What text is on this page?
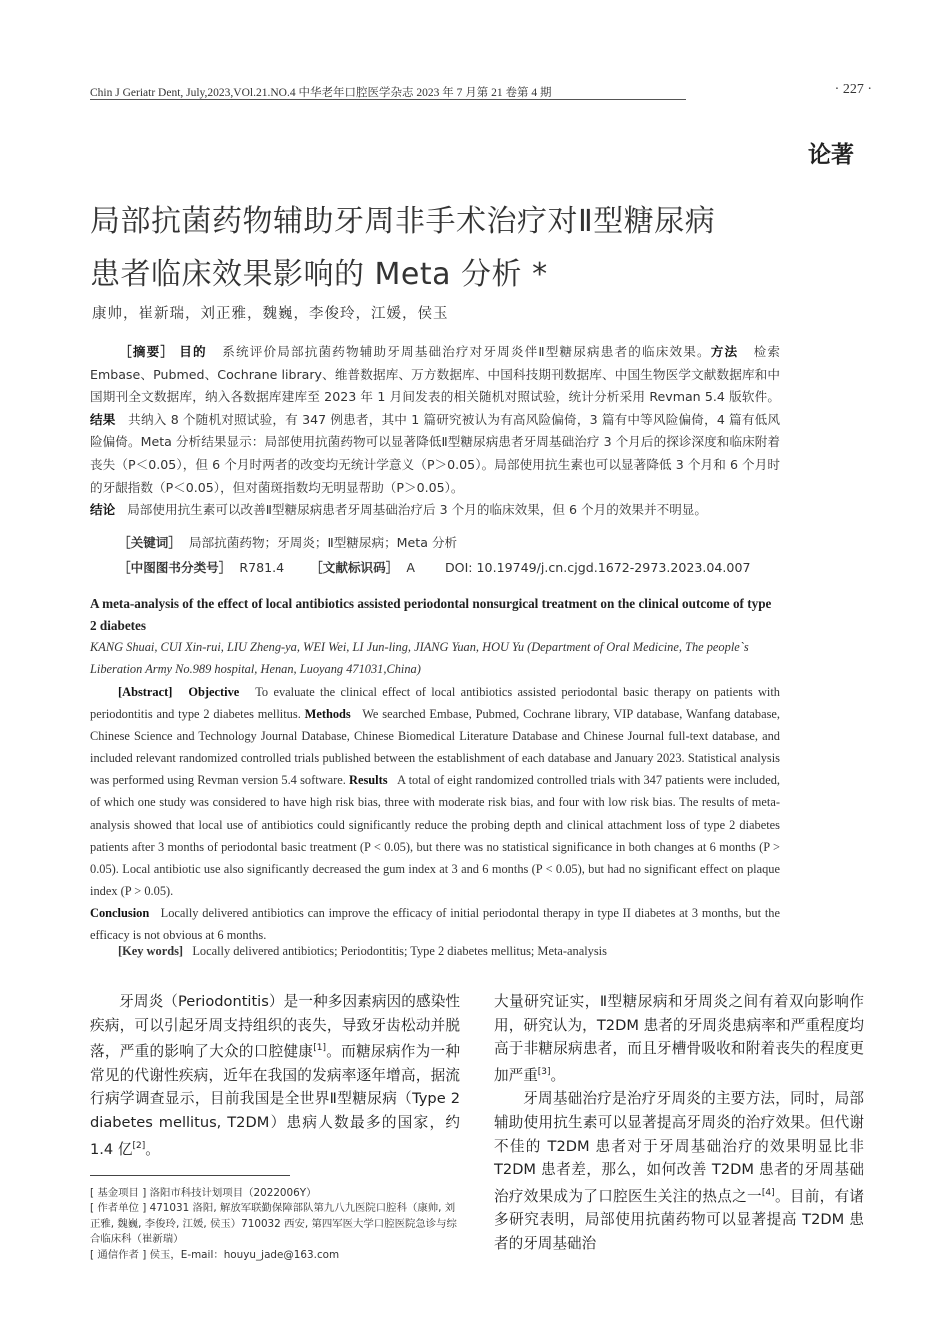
Chin J Geriatr Dent, July,2023,VOl.21.NO.4 中华老年口腔医学杂志 2023 年 7 月第 21 卷第 4 期	· 227 ·
论著
局部抗菌药物辅助牙周非手术治疗对Ⅱ型糖尿病
患者临床效果影响的 Meta 分析 *
康帅，崔新瑞，刘正雅，魏巍，李俊玲，江媛，侯玉
［摘要］ 目的 系统评价局部抗菌药物辅助牙周基础治疗对牙周炎伴Ⅱ型糖尿病患者的临床效果。方法 检索 Embase、Pubmed、Cochrane library、维普数据库、万方数据库、中国科技期刊数据库、中国生物医学文献数据库和中国期刊全文数据库，纳入各数据库建库至 2023 年 1 月间发表的相关随机对照试验，统计分析采用 Revman 5.4 版软件。结果 共纳入 8 个随机对照试验，有 347 例患者，其中 1 篇研究被认为有高风险偏倚，3 篇有中等风险偏倚，4 篇有低风险偏倚。Meta 分析结果显示：局部使用抗菌药物可以显著降低Ⅱ型糖尿病患者牙周基础治疗 3 个月后的探诊深度和临床附着丧失（P＜0.05），但 6 个月时两者的改变均无统计学意义（P＞0.05）。局部使用抗生素也可以显著降低 3 个月和 6 个月时的牙龈指数（P＜0.05），但对菌斑指数均无明显帮助（P＞0.05）。
结论 局部使用抗生素可以改善Ⅱ型糖尿病患者牙周基础治疗后 3 个月的临床效果，但 6 个月的效果并不明显。
［关键词］ 局部抗菌药物；牙周炎；Ⅱ型糖尿病；Meta 分析
［中图图书分类号］ R781.4 ［文献标识码］ A DOI: 10.19749/j.cn.cjgd.1672-2973.2023.04.007
A meta-analysis of the effect of local antibiotics assisted periodontal nonsurgical treatment on the clinical outcome of type 2 diabetes
KANG Shuai, CUI Xin-rui, LIU Zheng-ya, WEI Wei, LI Jun-ling, JIANG Yuan, HOU Yu (Department of Oral Medicine, The people`s Liberation Army No.989 hospital, Henan, Luoyang 471031,China)
[Abstract] Objective To evaluate the clinical effect of local antibiotics assisted periodontal basic therapy on patients with periodontitis and type 2 diabetes mellitus. Methods We searched Embase, Pubmed, Cochrane library, VIP database, Wanfang database, Chinese Science and Technology Journal Database, Chinese Biomedical Literature Database and Chinese Journal full-text database, and included relevant randomized controlled trials published between the establishment of each database and January 2023. Statistical analysis was performed using Revman version 5.4 software. Results A total of eight randomized controlled trials with 347 patients were included, of which one study was considered to have high risk bias, three with moderate risk bias, and four with low risk bias. The results of meta-analysis showed that local use of antibiotics could significantly reduce the probing depth and clinical attachment loss of type 2 diabetes patients after 3 months of periodontal basic treatment (P < 0.05), but there was no statistical significance in both changes at 6 months (P > 0.05). Local antibiotic use also significantly decreased the gum index at 3 and 6 months (P < 0.05), but had no significant effect on plaque index (P > 0.05).
Conclusion Locally delivered antibiotics can improve the efficacy of initial periodontal therapy in type II diabetes at 3 months, but the efficacy is not obvious at 6 months.
[Key words] Locally delivered antibiotics; Periodontitis; Type 2 diabetes mellitus; Meta-analysis

牙周炎（Periodontitis）是一种多因素病因的感染性疾病，可以引起牙周支持组织的丧失，导致牙齿松动并脱落，严重的影响了大众的口腔健康[1]。而糖尿病作为一种常见的代谢性疾病，近年在我国的发病率逐年增高，据流行病学调查显示，目前我国是全世界Ⅱ型糖尿病（Type 2 diabetes mellitus, T2DM）患病人数最多的国家，约 1.4 亿[2]。

[ 基金项目 ] 洛阳市科技计划项目（2022006Y）

[ 作者单位 ] 471031 洛阳, 解放军联勤保障部队第九八九医院口腔科（康帅, 刘正雅, 魏巍, 李俊玲, 江媛, 侯玉）710032 西安, 第四军医大学口腔医院急诊与综合临床科（崔新瑞）

[ 通信作者 ] 侯玉，E-mail：houyu_jade@163.com

大量研究证实，Ⅱ型糖尿病和牙周炎之间有着双向影响作用，研究认为，T2DM 患者的牙周炎患病率和严重程度均高于非糖尿病患者，而且牙槽骨吸收和附着丧失的程度更加严重[3]。

牙周基础治疗是治疗牙周炎的主要方法，同时，局部辅助使用抗生素可以显著提高牙周炎的治疗效果。但代谢不佳的 T2DM 患者对于牙周基础治疗的效果明显比非 T2DM 患者差，那么，如何改善 T2DM 患者的牙周基础治疗效果成为了口腔医生关注的热点之一[4]。目前，有诸多研究表明，局部使用抗菌药物可以显著提高 T2DM 患者的牙周基础治
